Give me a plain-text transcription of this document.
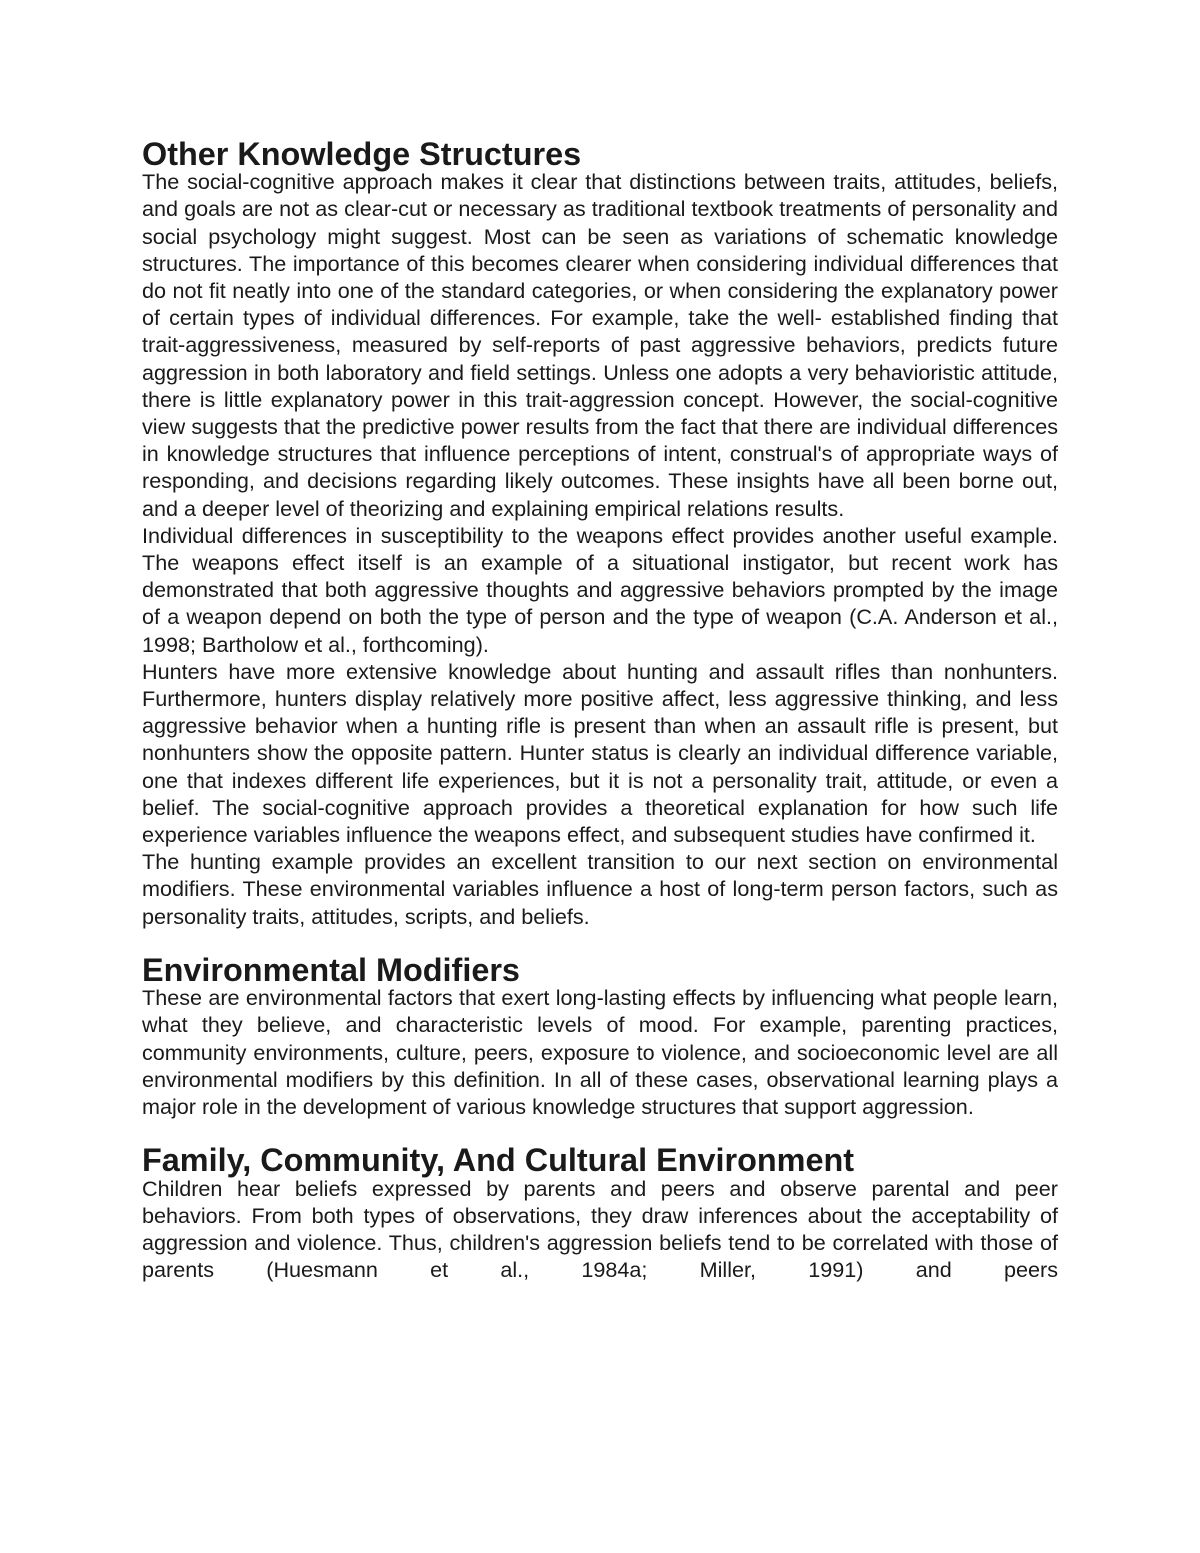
Other Knowledge Structures

The social-cognitive approach makes it clear that distinctions between traits, attitudes, beliefs, and goals are not as clear-cut or necessary as traditional textbook treatments of personality and social psychology might suggest. Most can be seen as variations of schematic knowledge structures. The importance of this becomes clearer when considering individual differences that do not fit neatly into one of the standard categories, or when considering the explanatory power of certain types of individual differences. For example, take the well- established finding that trait-aggressiveness, measured by self-reports of past aggressive behaviors, predicts future aggression in both laboratory and field settings. Unless one adopts a very behavioristic attitude, there is little explanatory power in this trait-aggression concept. However, the social-cognitive view suggests that the predictive power results from the fact that there are individual differences in knowledge structures that influence perceptions of intent, construal's of appropriate ways of responding, and decisions regarding likely outcomes. These insights have all been borne out, and a deeper level of theorizing and explaining empirical relations results.

Individual differences in susceptibility to the weapons effect provides another useful example. The weapons effect itself is an example of a situational instigator, but recent work has demonstrated that both aggressive thoughts and aggressive behaviors prompted by the image of a weapon depend on both the type of person and the type of weapon (C.A. Anderson et al., 1998; Bartholow et al., forthcoming).

Hunters have more extensive knowledge about hunting and assault rifles than nonhunters. Furthermore, hunters display relatively more positive affect, less aggressive thinking, and less aggressive behavior when a hunting rifle is present than when an assault rifle is present, but nonhunters show the opposite pattern. Hunter status is clearly an individual difference variable, one that indexes different life experiences, but it is not a personality trait, attitude, or even a belief. The social-cognitive approach provides a theoretical explanation for how such life experience variables influence the weapons effect, and subsequent studies have confirmed it.

The hunting example provides an excellent transition to our next section on environmental modifiers. These environmental variables influence a host of long-term person factors, such as personality traits, attitudes, scripts, and beliefs.

Environmental Modifiers

These are environmental factors that exert long-lasting effects by influencing what people learn, what they believe, and characteristic levels of mood. For example, parenting practices, community environments, culture, peers, exposure to violence, and socioeconomic level are all environmental modifiers by this definition. In all of these cases, observational learning plays a major role in the development of various knowledge structures that support aggression.

Family, Community, And Cultural Environment

Children hear beliefs expressed by parents and peers and observe parental and peer behaviors. From both types of observations, they draw inferences about the acceptability of aggression and violence. Thus, children's aggression beliefs tend to be correlated with those of parents (Huesmann et al., 1984a; Miller, 1991) and peers
